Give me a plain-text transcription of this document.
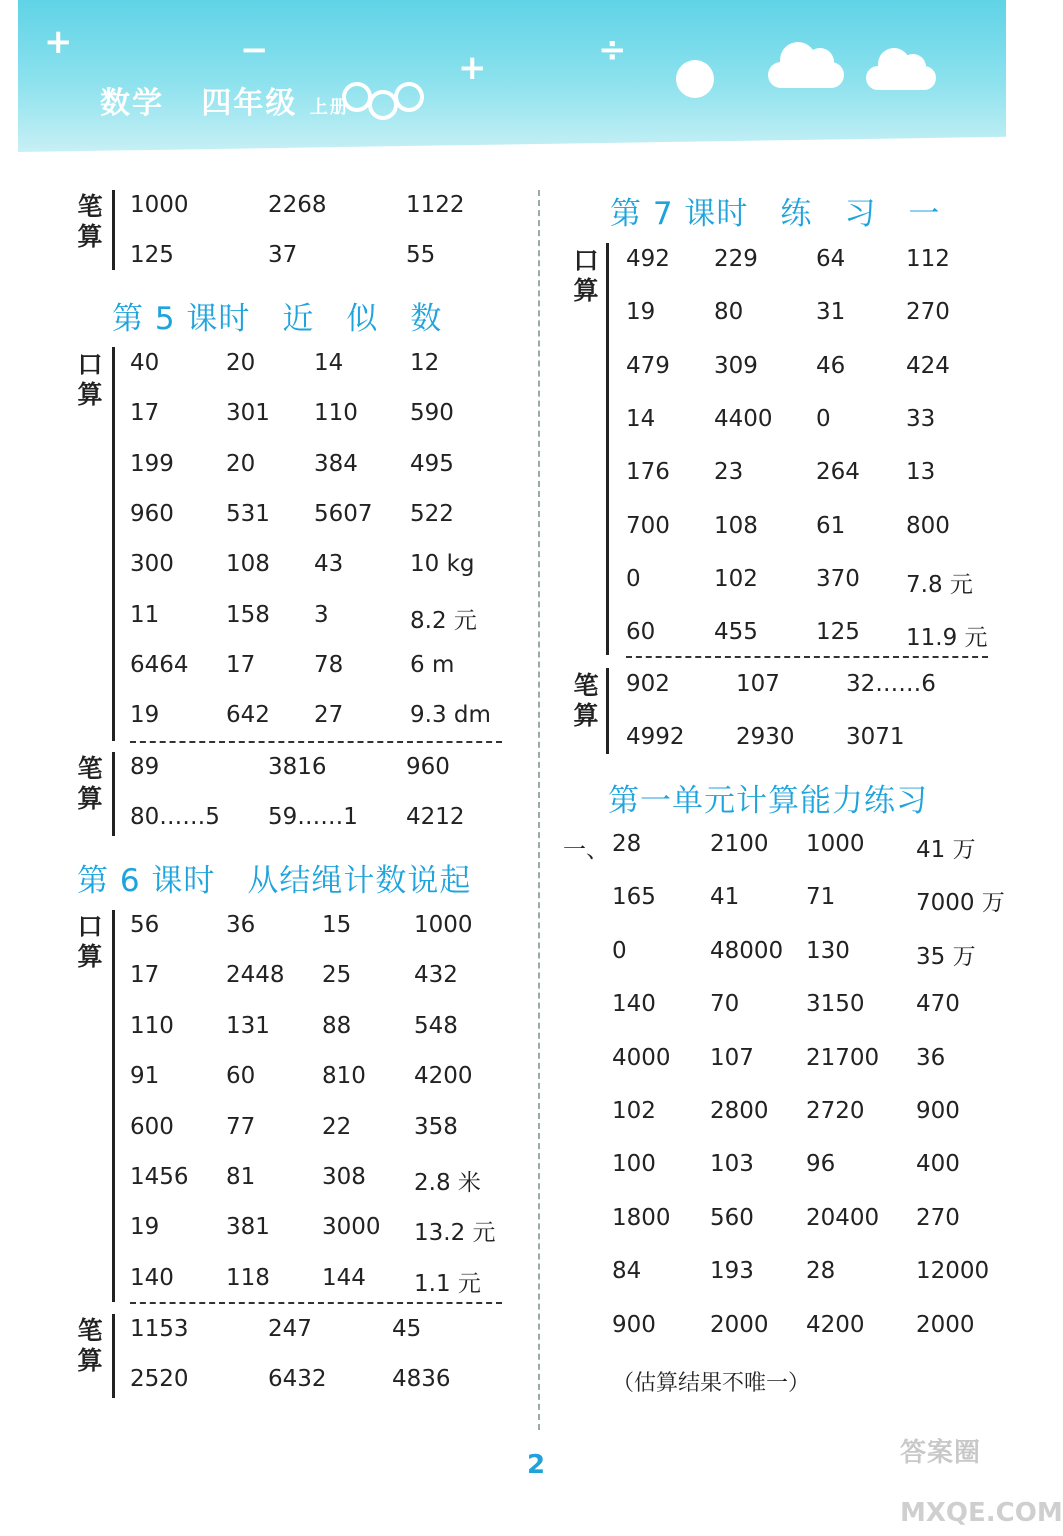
+	−	+	÷
数学 四年级 上册
笔算
1000	2268	1122
125	37	55
第 5 课时　近　似　数
口算
笔算
40	20	14	12
17	301 110 590
199 20	384 495
960 531 5607 522
300 108 43	10 kg
11	158 3	8.2 元
6464 17	78	6 m
19	642 27	9.3 dm
89	3816	960
80……5 59……1 4212
第 6 课时　从结绳计数说起
口算
笔算
56	36	15	1000
17	2448 25	432
110 131 88	548
91	60	810 4200
600 77	22	358
1456 81	308 2.8 米
19	381 3000 13.2 元
140 118 144 1.1 元
1153	247	45
2520	6432	4836
第 7 课时　练　习　一
口算
笔算
492 229	64	112
19	80	31	270
479 309	46	424
14	4400 0	33
176 23	264 13
700 108	61	800
0	102	370 7.8 元
60	455	125 11.9 元
902	107	32……6
4992 2930 3071
第一单元计算能力练习
一、 28	2100 1000 41 万
165 41	71	7000 万
0	48000 130	35 万
140 70	3150 470
4000 107 21700 36
102 2800 2720 900
100 103 96	400
1800 560 20400 270
84	193 28	12000
900 2000 4200 2000
（估算结果不唯一）
2	答案圈
MXQE.COM
